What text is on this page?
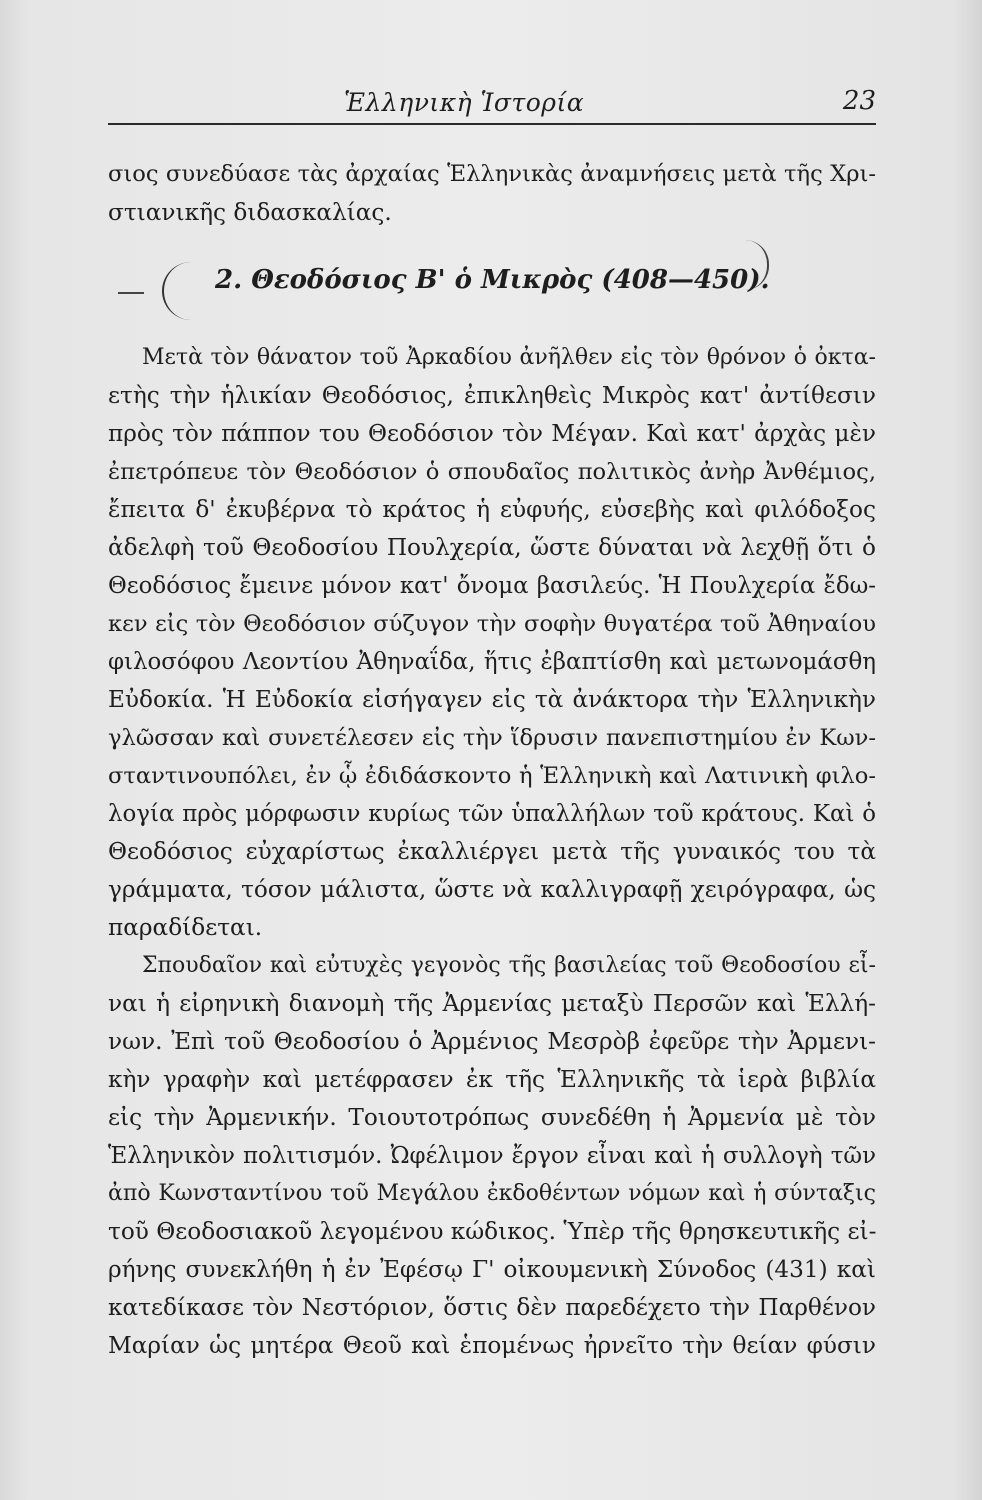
Ἑλληνικὴ Ἱστορία	23
σιος συνεδύασε τὰς ἀρχαίας Ἑλληνικὰς ἀναμνήσεις μετὰ τῆς Χρι-
στιανικῆς διδασκαλίας.
2. Θεοδόσιος Β' ὁ Μικρὸς (408—450).
Μετὰ τὸν θάνατον τοῦ Ἀρκαδίου ἀνῆλθεν εἰς τὸν θρόνον ὁ ὀκτα-
ετὴς τὴν ἡλικίαν Θεοδόσιος, ἐπικληθεὶς Μικρὸς κατ' ἀντίθεσιν
πρὸς τὸν πάππον του Θεοδόσιον τὸν Μέγαν. Καὶ κατ' ἀρχὰς μὲν
ἐπετρόπευε τὸν Θεοδόσιον ὁ σπουδαῖος πολιτικὸς ἀνὴρ Ἀνθέμιος,
ἔπειτα δ' ἐκυβέρνα τὸ κράτος ἡ εὐφυής, εὐσεβὴς καὶ φιλόδοξος
ἀδελφὴ τοῦ Θεοδοσίου Πουλχερία, ὥστε δύναται νὰ λεχθῇ ὅτι ὁ
Θεοδόσιος ἔμεινε μόνον κατ' ὄνομα βασιλεύς. Ἡ Πουλχερία ἔδω-
κεν εἰς τὸν Θεοδόσιον σύζυγον τὴν σοφὴν θυγατέρα τοῦ Ἀθηναίου
φιλοσόφου Λεοντίου Ἀθηναΐδα, ἥτις ἐβαπτίσθη καὶ μετωνομάσθη
Εὐδοκία. Ἡ Εὐδοκία εἰσήγαγεν εἰς τὰ ἀνάκτορα τὴν Ἑλληνικὴν
γλῶσσαν καὶ συνετέλεσεν εἰς τὴν ἵδρυσιν πανεπιστημίου ἐν Κων-
σταντινουπόλει, ἐν ᾧ ἐδιδάσκοντο ἡ Ἑλληνικὴ καὶ Λατινικὴ φιλο-
λογία πρὸς μόρφωσιν κυρίως τῶν ὑπαλλήλων τοῦ κράτους. Καὶ ὁ
Θεοδόσιος εὐχαρίστως ἐκαλλιέργει μετὰ τῆς γυναικός του τὰ
γράμματα, τόσον μάλιστα, ὥστε νὰ καλλιγραφῇ χειρόγραφα, ὡς
παραδίδεται.
Σπουδαῖον καὶ εὐτυχὲς γεγονὸς τῆς βασιλείας τοῦ Θεοδοσίου εἶ-
ναι ἡ εἰρηνικὴ διανομὴ τῆς Ἀρμενίας μεταξὺ Περσῶν καὶ Ἑλλή-
νων. Ἐπὶ τοῦ Θεοδοσίου ὁ Ἀρμένιος Μεσρὸβ ἐφεῦρε τὴν Ἀρμενι-
κὴν γραφὴν καὶ μετέφρασεν ἐκ τῆς Ἑλληνικῆς τὰ ἱερὰ βιβλία
εἰς τὴν Ἀρμενικήν. Τοιουτοτρόπως συνεδέθη ἡ Ἀρμενία μὲ τὸν
Ἑλληνικὸν πολιτισμόν. Ὠφέλιμον ἔργον εἶναι καὶ ἡ συλλογὴ τῶν
ἀπὸ Κωνσταντίνου τοῦ Μεγάλου ἐκδοθέντων νόμων καὶ ἡ σύνταξις
τοῦ Θεοδοσιακοῦ λεγομένου κώδικος. Ὑπὲρ τῆς θρησκευτικῆς εἰ-
ρήνης συνεκλήθη ἡ ἐν Ἐφέσῳ Γ' οἰκουμενικὴ Σύνοδος (431) καὶ
κατεδίκασε τὸν Νεστόριον, ὅστις δὲν παρεδέχετο τὴν Παρθένον
Μαρίαν ὡς μητέρα Θεοῦ καὶ ἑπομένως ἠρνεῖτο τὴν θείαν φύσιν
